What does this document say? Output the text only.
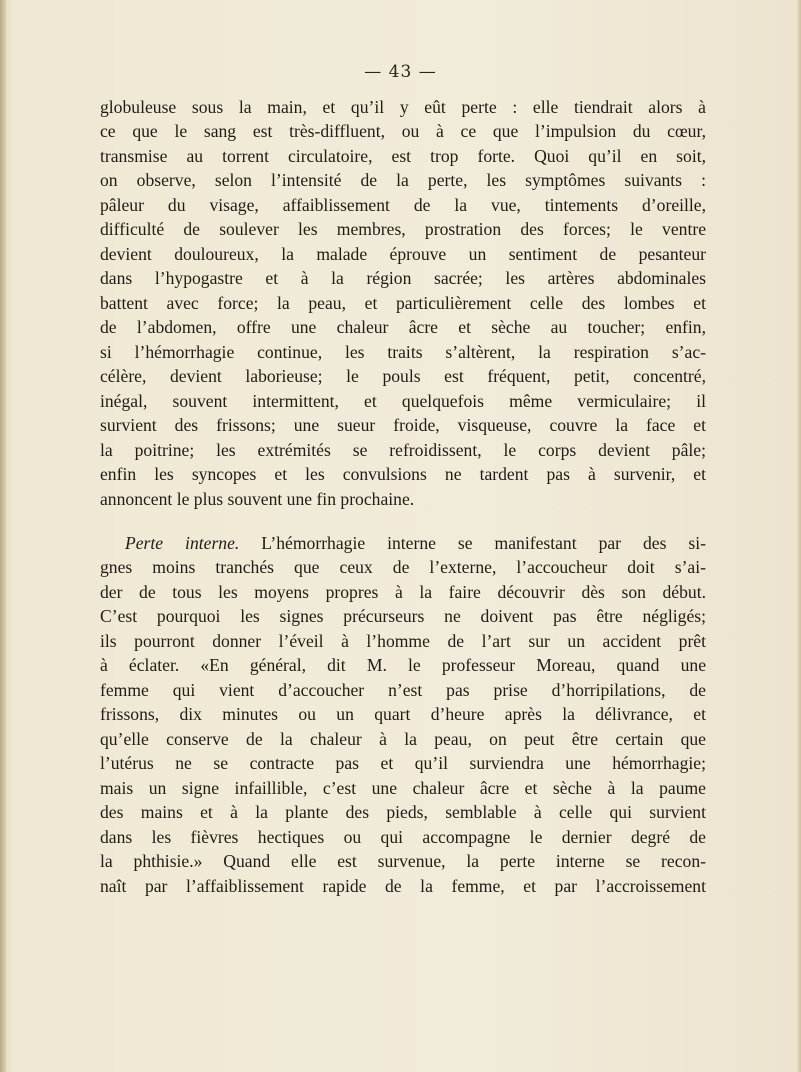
— 43 —
globuleuse sous la main, et qu’il y eût perte : elle tiendrait alors à
ce que le sang est très-diffluent, ou à ce que l’impulsion du cœur,
transmise au torrent circulatoire, est trop forte. Quoi qu’il en soit,
on observe, selon l’intensité de la perte, les symptômes suivants :
pâleur du visage, affaiblissement de la vue, tintements d’oreille,
difficulté de soulever les membres, prostration des forces; le ventre
devient douloureux, la malade éprouve un sentiment de pesanteur
dans l’hypogastre et à la région sacrée; les artères abdominales
battent avec force; la peau, et particulièrement celle des lombes et
de l’abdomen, offre une chaleur âcre et sèche au toucher; enfin,
si l’hémorrhagie continue, les traits s’altèrent, la respiration s’ac-
célère, devient laborieuse; le pouls est fréquent, petit, concentré,
inégal, souvent intermittent, et quelquefois même vermiculaire; il
survient des frissons; une sueur froide, visqueuse, couvre la face et
la poitrine; les extrémités se refroidissent, le corps devient pâle;
enfin les syncopes et les convulsions ne tardent pas à survenir, et
annoncent le plus souvent une fin prochaine.
Perte interne. L’hémorrhagie interne se manifestant par des si-
gnes moins tranchés que ceux de l’externe, l’accoucheur doit s’ai-
der de tous les moyens propres à la faire découvrir dès son début.
C’est pourquoi les signes précurseurs ne doivent pas être négligés;
ils pourront donner l’éveil à l’homme de l’art sur un accident prêt
à éclater. «En général, dit M. le professeur Moreau, quand une
femme qui vient d’accoucher n’est pas prise d’horripilations, de
frissons, dix minutes ou un quart d’heure après la délivrance, et
qu’elle conserve de la chaleur à la peau, on peut être certain que
l’utérus ne se contracte pas et qu’il surviendra une hémorrhagie;
mais un signe infaillible, c’est une chaleur âcre et sèche à la paume
des mains et à la plante des pieds, semblable à celle qui survient
dans les fièvres hectiques ou qui accompagne le dernier degré de
la phthisie.» Quand elle est survenue, la perte interne se recon-
naît par l’affaiblissement rapide de la femme, et par l’accroissement
